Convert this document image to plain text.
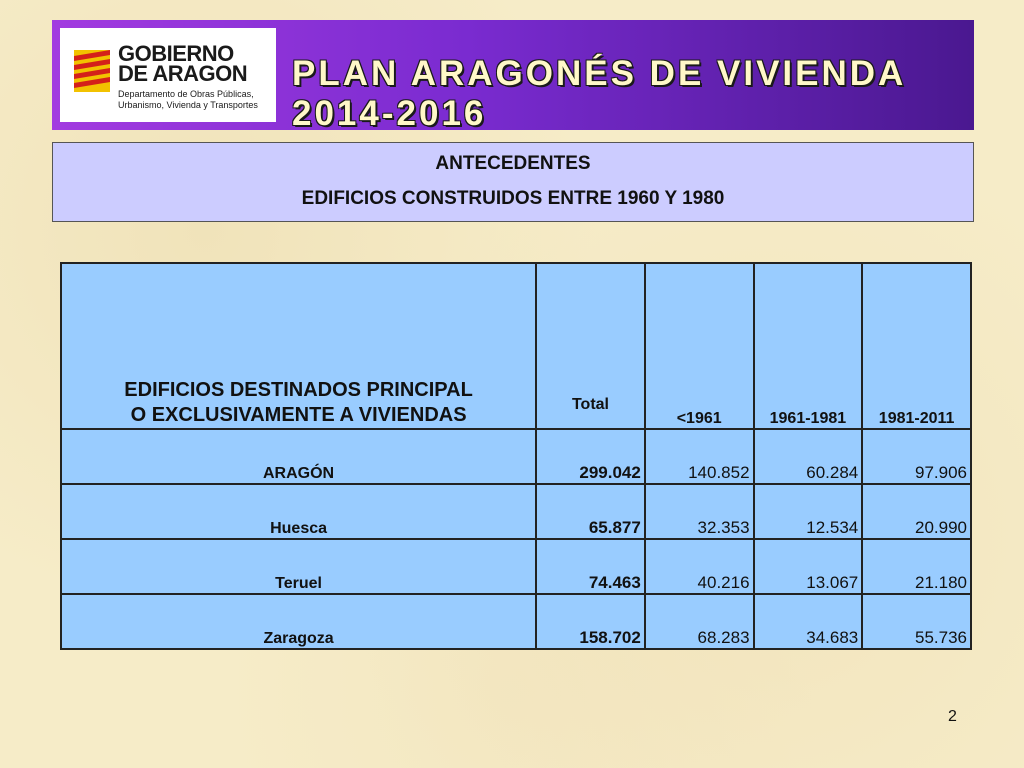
GOBIERNO
DE ARAGON
Departamento de Obras Públicas,
Urbanismo, Vivienda y Transportes
PLAN ARAGONÉS DE VIVIENDA 2014-2016
ANTECEDENTES
EDIFICIOS CONSTRUIDOS ENTRE 1960 Y 1980
EDIFICIOS DESTINADOS PRINCIPAL
O EXCLUSIVAMENTE A VIVIENDAS	Total	<1961	1961-1981	1981-2011
ARAGÓN	299.042	140.852	60.284	97.906
Huesca	65.877	32.353	12.534	20.990
Teruel	74.463	40.216	13.067	21.180
Zaragoza	158.702	68.283	34.683	55.736
2
